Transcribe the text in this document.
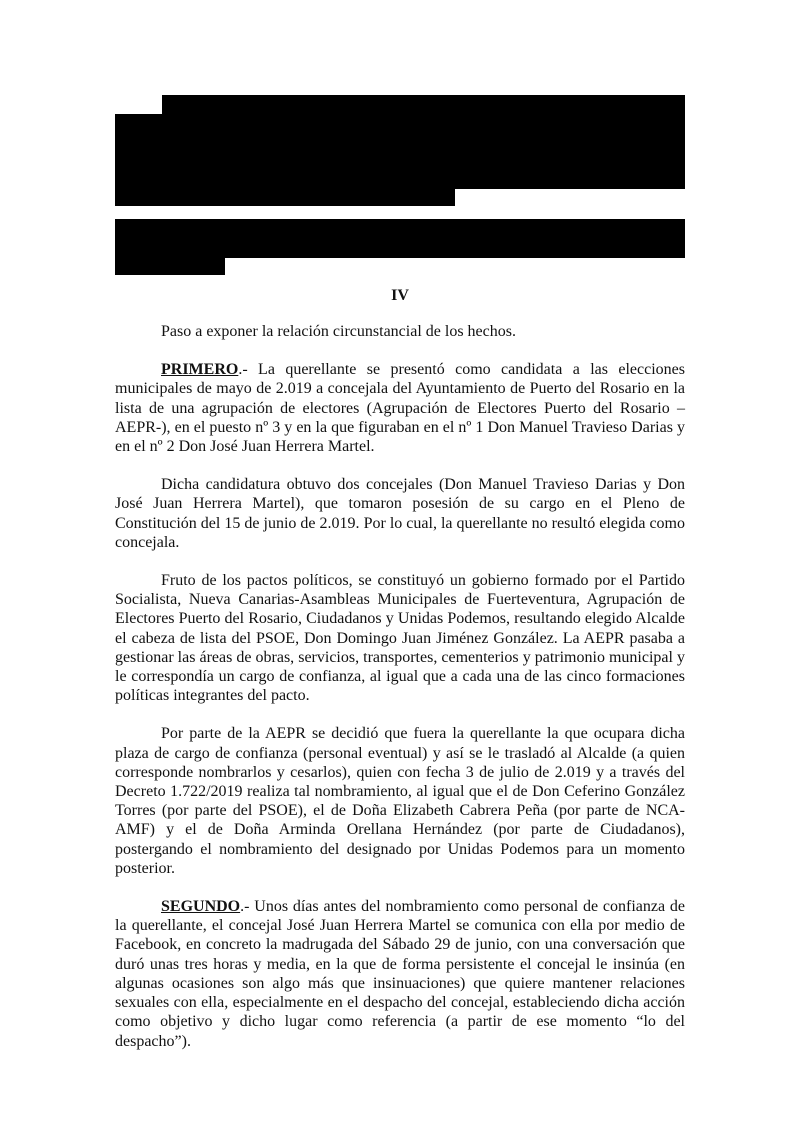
IV

Paso a exponer la relación circunstancial de los hechos.

PRIMERO.- La querellante se presentó como candidata a las elecciones municipales de mayo de 2.019 a concejala del Ayuntamiento de Puerto del Rosario en la lista de una agrupación de electores (Agrupación de Electores Puerto del Rosario – AEPR-), en el puesto nº 3 y en la que figuraban en el nº 1 Don Manuel Travieso Darias y en el nº 2 Don José Juan Herrera Martel.

Dicha candidatura obtuvo dos concejales (Don Manuel Travieso Darias y Don José Juan Herrera Martel), que tomaron posesión de su cargo en el Pleno de Constitución del 15 de junio de 2.019. Por lo cual, la querellante no resultó elegida como concejala.

Fruto de los pactos políticos, se constituyó un gobierno formado por el Partido Socialista, Nueva Canarias-Asambleas Municipales de Fuerteventura, Agrupación de Electores Puerto del Rosario, Ciudadanos y Unidas Podemos, resultando elegido Alcalde el cabeza de lista del PSOE, Don Domingo Juan Jiménez González. La AEPR pasaba a gestionar las áreas de obras, servicios, transportes, cementerios y patrimonio municipal y le correspondía un cargo de confianza, al igual que a cada una de las cinco formaciones políticas integrantes del pacto.

Por parte de la AEPR se decidió que fuera la querellante la que ocupara dicha plaza de cargo de confianza (personal eventual) y así se le trasladó al Alcalde (a quien corresponde nombrarlos y cesarlos), quien con fecha 3 de julio de 2.019 y a través del Decreto 1.722/2019 realiza tal nombramiento, al igual que el de Don Ceferino González Torres (por parte del PSOE), el de Doña Elizabeth Cabrera Peña (por parte de NCA-AMF) y el de Doña Arminda Orellana Hernández (por parte de Ciudadanos), postergando el nombramiento del designado por Unidas Podemos para un momento posterior.

SEGUNDO.- Unos días antes del nombramiento como personal de confianza de la querellante, el concejal José Juan Herrera Martel se comunica con ella por medio de Facebook, en concreto la madrugada del Sábado 29 de junio, con una conversación que duró unas tres horas y media, en la que de forma persistente el concejal le insinúa (en algunas ocasiones son algo más que insinuaciones) que quiere mantener relaciones sexuales con ella, especialmente en el despacho del concejal, estableciendo dicha acción como objetivo y dicho lugar como referencia (a partir de ese momento “lo del despacho”).
